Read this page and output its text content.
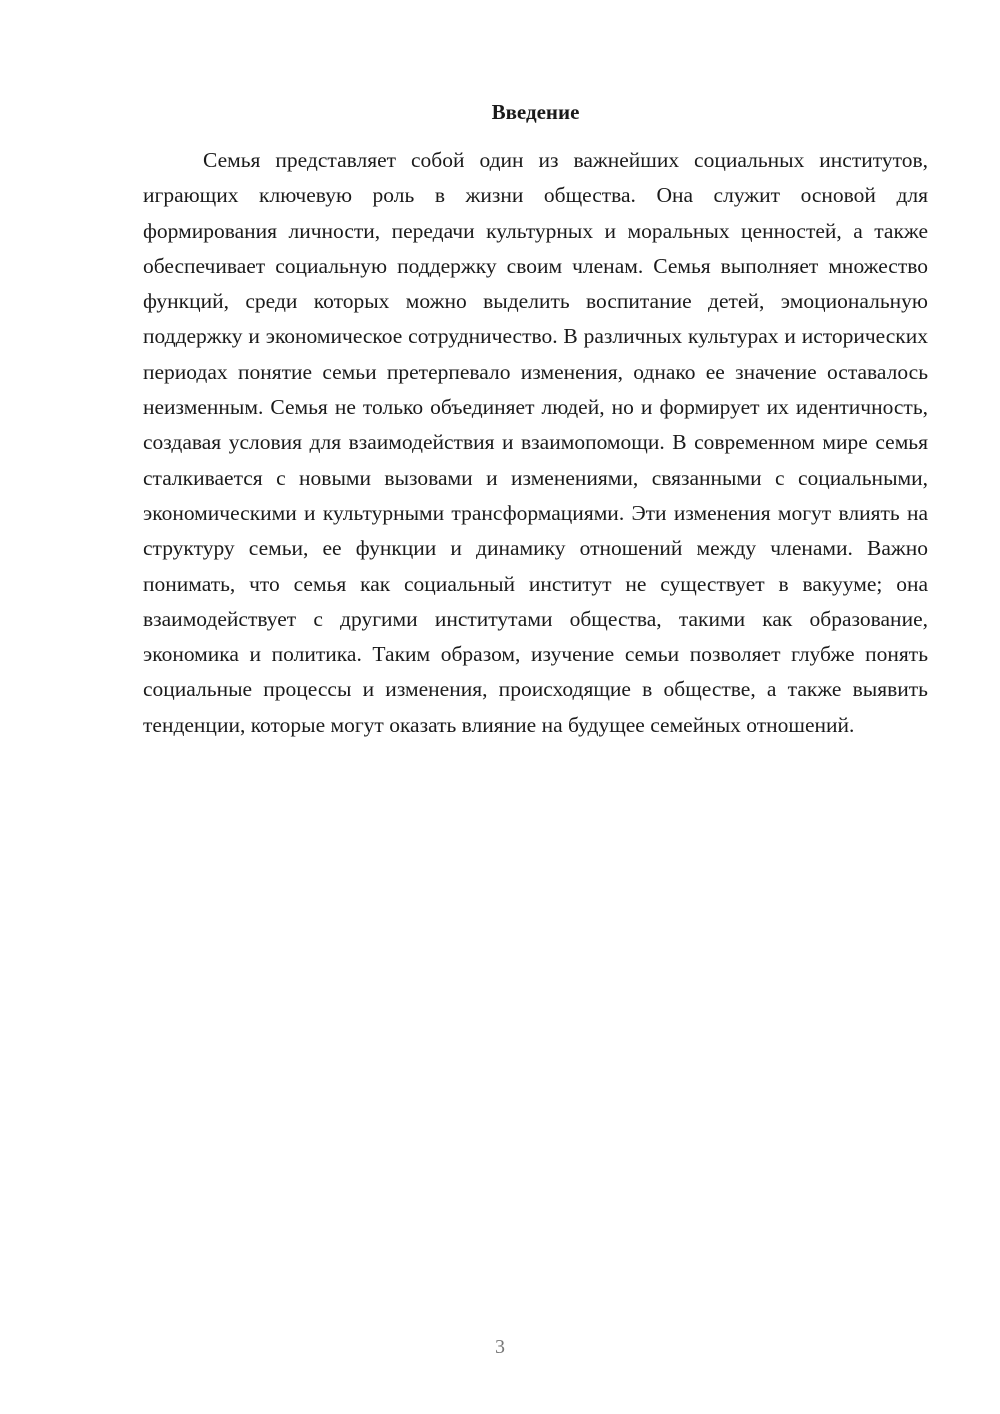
Введение

Семья представляет собой один из важнейших социальных институтов, играющих ключевую роль в жизни общества. Она служит основой для формирования личности, передачи культурных и моральных ценностей, а также обеспечивает социальную поддержку своим членам. Семья выполняет множество функций, среди которых можно выделить воспитание детей, эмоциональную поддержку и экономическое сотрудничество. В различных культурах и исторических периодах понятие семьи претерпевало изменения, однако ее значение оставалось неизменным. Семья не только объединяет людей, но и формирует их идентичность, создавая условия для взаимодействия и взаимопомощи. В современном мире семья сталкивается с новыми вызовами и изменениями, связанными с социальными, экономическими и культурными трансформациями. Эти изменения могут влиять на структуру семьи, ее функции и динамику отношений между членами. Важно понимать, что семья как социальный институт не существует в вакууме; она взаимодействует с другими институтами общества, такими как образование, экономика и политика. Таким образом, изучение семьи позволяет глубже понять социальные процессы и изменения, происходящие в обществе, а также выявить тенденции, которые могут оказать влияние на будущее семейных отношений.

3
